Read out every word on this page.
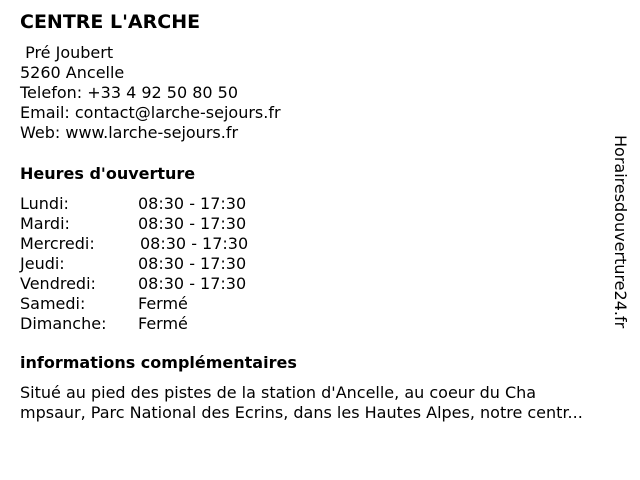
CENTRE L'ARCHE
Pré Joubert
5260 Ancelle
Telefon: +33 4 92 50 80 50
Email: contact@larche-sejours.fr
Web: www.larche-sejours.fr
Heures d'ouverture
Lundi:	08:30 - 17:30
Mardi:	08:30 - 17:30
Mercredi:	08:30 - 17:30
Jeudi:	08:30 - 17:30
Vendredi:	08:30 - 17:30
Samedi:	Fermé
Dimanche: Fermé
informations complémentaires
Situé au pied des pistes de la station d'Ancelle, au coeur du Cha
mpsaur, Parc National des Ecrins, dans les Hautes Alpes, notre centr...
Horairesdouverture24.fr
